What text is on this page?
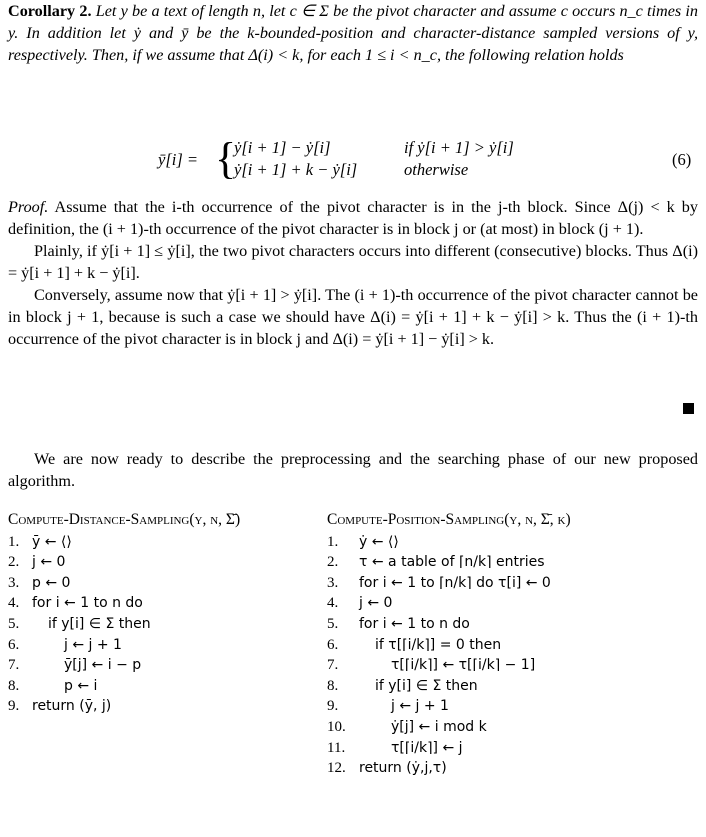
Corollary 2. Let y be a text of length n, let c ∈ Σ be the pivot character and assume c occurs n_c times in y. In addition let ẏ and ȳ be the k-bounded-position and character-distance sampled versions of y, respectively. Then, if we assume that Δ(i) < k, for each 1 ≤ i < n_c, the following relation holds

ȳ[i] = {
ẏ[i + 1] − ẏ[i]	if ẏ[i + 1] > ẏ[i]
ẏ[i + 1] + k − ẏ[i]	otherwise
(6)

Proof. Assume that the i-th occurrence of the pivot character is in the j-th block. Since Δ(j) < k by definition, the (i + 1)-th occurrence of the pivot character is in block j or (at most) in block (j + 1).

Plainly, if ẏ[i + 1] ≤ ẏ[i], the two pivot characters occurs into different (consecutive) blocks. Thus Δ(i) = ẏ[i + 1] + k − ẏ[i].

Conversely, assume now that ẏ[i + 1] > ẏ[i]. The (i + 1)-th occurrence of the pivot character cannot be in block j + 1, because is such a case we should have Δ(i) = ẏ[i + 1] + k − ẏ[i] > k. Thus the (i + 1)-th occurrence of the pivot character is in block j and Δ(i) = ẏ[i + 1] − ẏ[i] > k.

We are now ready to describe the preprocessing and the searching phase of our new proposed algorithm.

Compute-Distance-Sampling(y, n, Σ̄)
1. ȳ ← ⟨⟩
2. j ← 0
3. p ← 0
4. for i ← 1 to n do
5.	if y[i] ∈ Σ̄ then
6.	j ← j + 1
7.	ȳ[j] ← i − p
8.	p ← i
9. return (ȳ, j)
Compute-Position-Sampling(y, n, Σ̄, k)
1.	ẏ ← ⟨⟩
2.	τ ← a table of ⌈n/k⌉ entries
3.	for i ← 1 to ⌈n/k⌉ do τ[i] ← 0
4.	j ← 0
5.	for i ← 1 to n do
6.	if τ[⌈i/k⌉] = 0 then
7.	τ[⌈i/k⌉] ← τ[⌈i/k⌉ − 1]
8.	if y[i] ∈ Σ̄ then
9.	j ← j + 1
10.	ẏ[j] ← i mod k
11.	τ[⌈i/k⌉] ← j
12. return (ẏ,j,τ)
